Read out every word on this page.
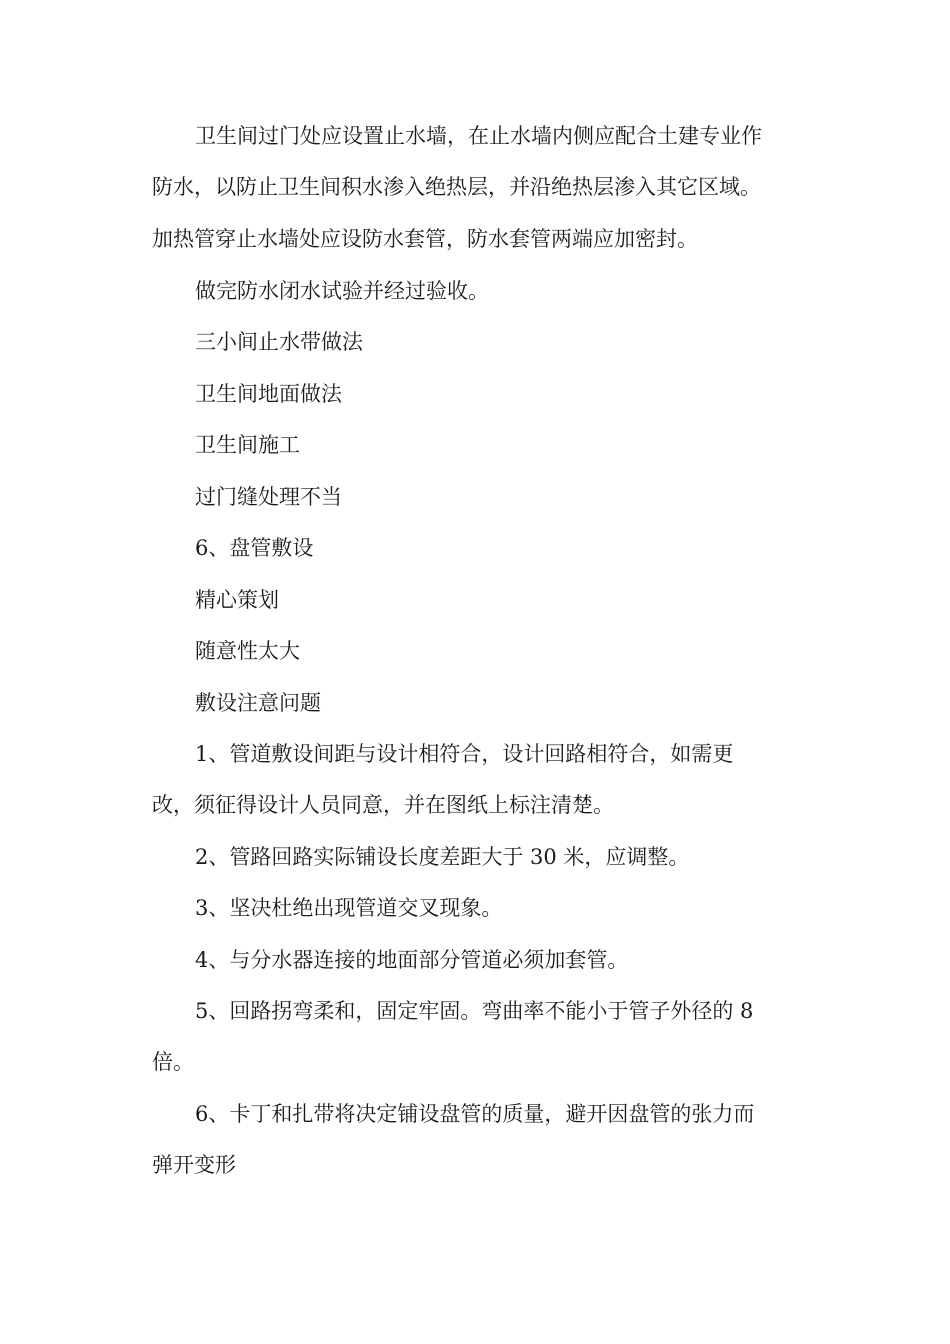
卫生间过门处应设置止水墙，在止水墙内侧应配合土建专业作
防水，以防止卫生间积水渗入绝热层，并沿绝热层渗入其它区域。
加热管穿止水墙处应设防水套管，防水套管两端应加密封。
做完防水闭水试验并经过验收。
三小间止水带做法
卫生间地面做法
卫生间施工
过门缝处理不当
6、盘管敷设
精心策划
随意性太大
敷设注意问题
1、管道敷设间距与设计相符合，设计回路相符合，如需更
改，须征得设计人员同意，并在图纸上标注清楚。
2、管路回路实际铺设长度差距大于 30 米，应调整。
3、坚决杜绝出现管道交叉现象。
4、与分水器连接的地面部分管道必须加套管。
5、回路拐弯柔和，固定牢固。弯曲率不能小于管子外径的 8
倍。
6、卡丁和扎带将决定铺设盘管的质量，避开因盘管的张力而
弹开变形
